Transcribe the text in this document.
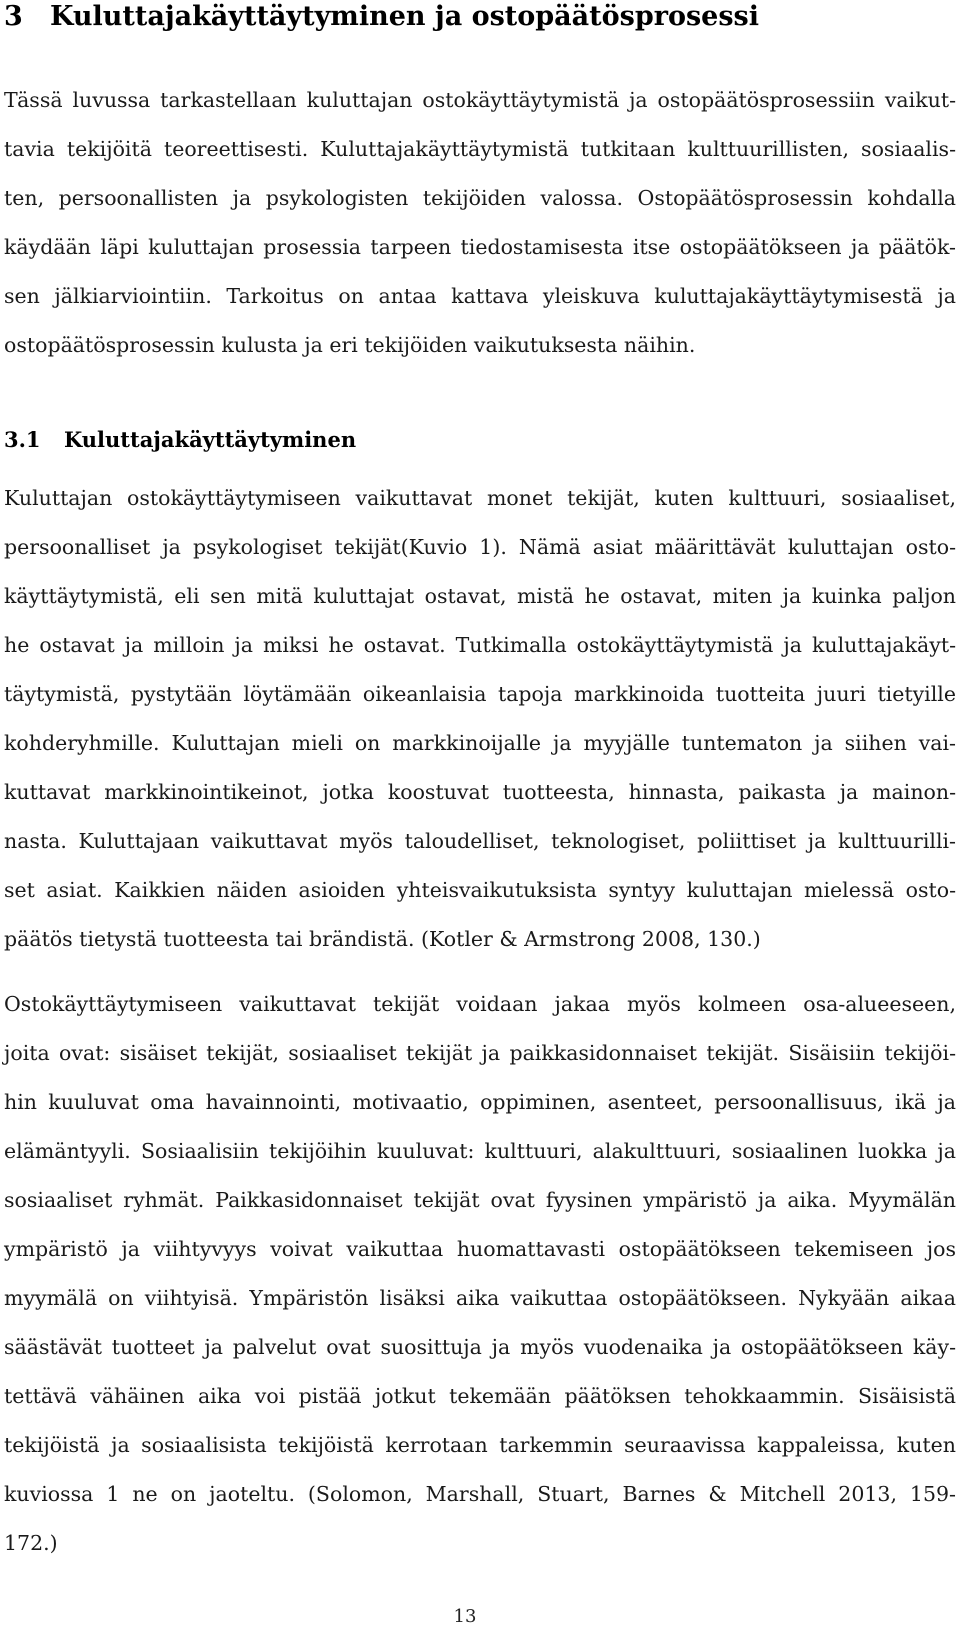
3 Kuluttajakäyttäytyminen ja ostopäätösprosessi
Tässä luvussa tarkastellaan kuluttajan ostokäyttäytymistä ja ostopäätösprosessiin vaikut-
tavia tekijöitä teoreettisesti. Kuluttajakäyttäytymistä tutkitaan kulttuurillisten, sosiaalis-
ten, persoonallisten ja psykologisten tekijöiden valossa. Ostopäätösprosessin kohdalla
käydään läpi kuluttajan prosessia tarpeen tiedostamisesta itse ostopäätökseen ja päätök-
sen jälkiarviointiin. Tarkoitus on antaa kattava yleiskuva kuluttajakäyttäytymisestä ja
ostopäätösprosessin kulusta ja eri tekijöiden vaikutuksesta näihin.
3.1 Kuluttajakäyttäytyminen
Kuluttajan ostokäyttäytymiseen vaikuttavat monet tekijät, kuten kulttuuri, sosiaaliset,
persoonalliset ja psykologiset tekijät(Kuvio 1). Nämä asiat määrittävät kuluttajan osto-
käyttäytymistä, eli sen mitä kuluttajat ostavat, mistä he ostavat, miten ja kuinka paljon
he ostavat ja milloin ja miksi he ostavat. Tutkimalla ostokäyttäytymistä ja kuluttajakäyt-
täytymistä, pystytään löytämään oikeanlaisia tapoja markkinoida tuotteita juuri tietyille
kohderyhmille. Kuluttajan mieli on markkinoijalle ja myyjälle tuntematon ja siihen vai-
kuttavat markkinointikeinot, jotka koostuvat tuotteesta, hinnasta, paikasta ja mainon-
nasta. Kuluttajaan vaikuttavat myös taloudelliset, teknologiset, poliittiset ja kulttuurilli-
set asiat. Kaikkien näiden asioiden yhteisvaikutuksista syntyy kuluttajan mielessä osto-
päätös tietystä tuotteesta tai brändistä. (Kotler & Armstrong 2008, 130.)
Ostokäyttäytymiseen vaikuttavat tekijät voidaan jakaa myös kolmeen osa-alueeseen,
joita ovat: sisäiset tekijät, sosiaaliset tekijät ja paikkasidonnaiset tekijät. Sisäisiin tekijöi-
hin kuuluvat oma havainnointi, motivaatio, oppiminen, asenteet, persoonallisuus, ikä ja
elämäntyyli. Sosiaalisiin tekijöihin kuuluvat: kulttuuri, alakulttuuri, sosiaalinen luokka ja
sosiaaliset ryhmät. Paikkasidonnaiset tekijät ovat fyysinen ympäristö ja aika. Myymälän
ympäristö ja viihtyvyys voivat vaikuttaa huomattavasti ostopäätökseen tekemiseen jos
myymälä on viihtyisä. Ympäristön lisäksi aika vaikuttaa ostopäätökseen. Nykyään aikaa
säästävät tuotteet ja palvelut ovat suosittuja ja myös vuodenaika ja ostopäätökseen käy-
tettävä vähäinen aika voi pistää jotkut tekemään päätöksen tehokkaammin. Sisäisistä
tekijöistä ja sosiaalisista tekijöistä kerrotaan tarkemmin seuraavissa kappaleissa, kuten
kuviossa 1 ne on jaoteltu. (Solomon, Marshall, Stuart, Barnes & Mitchell 2013, 159-
172.)
13
